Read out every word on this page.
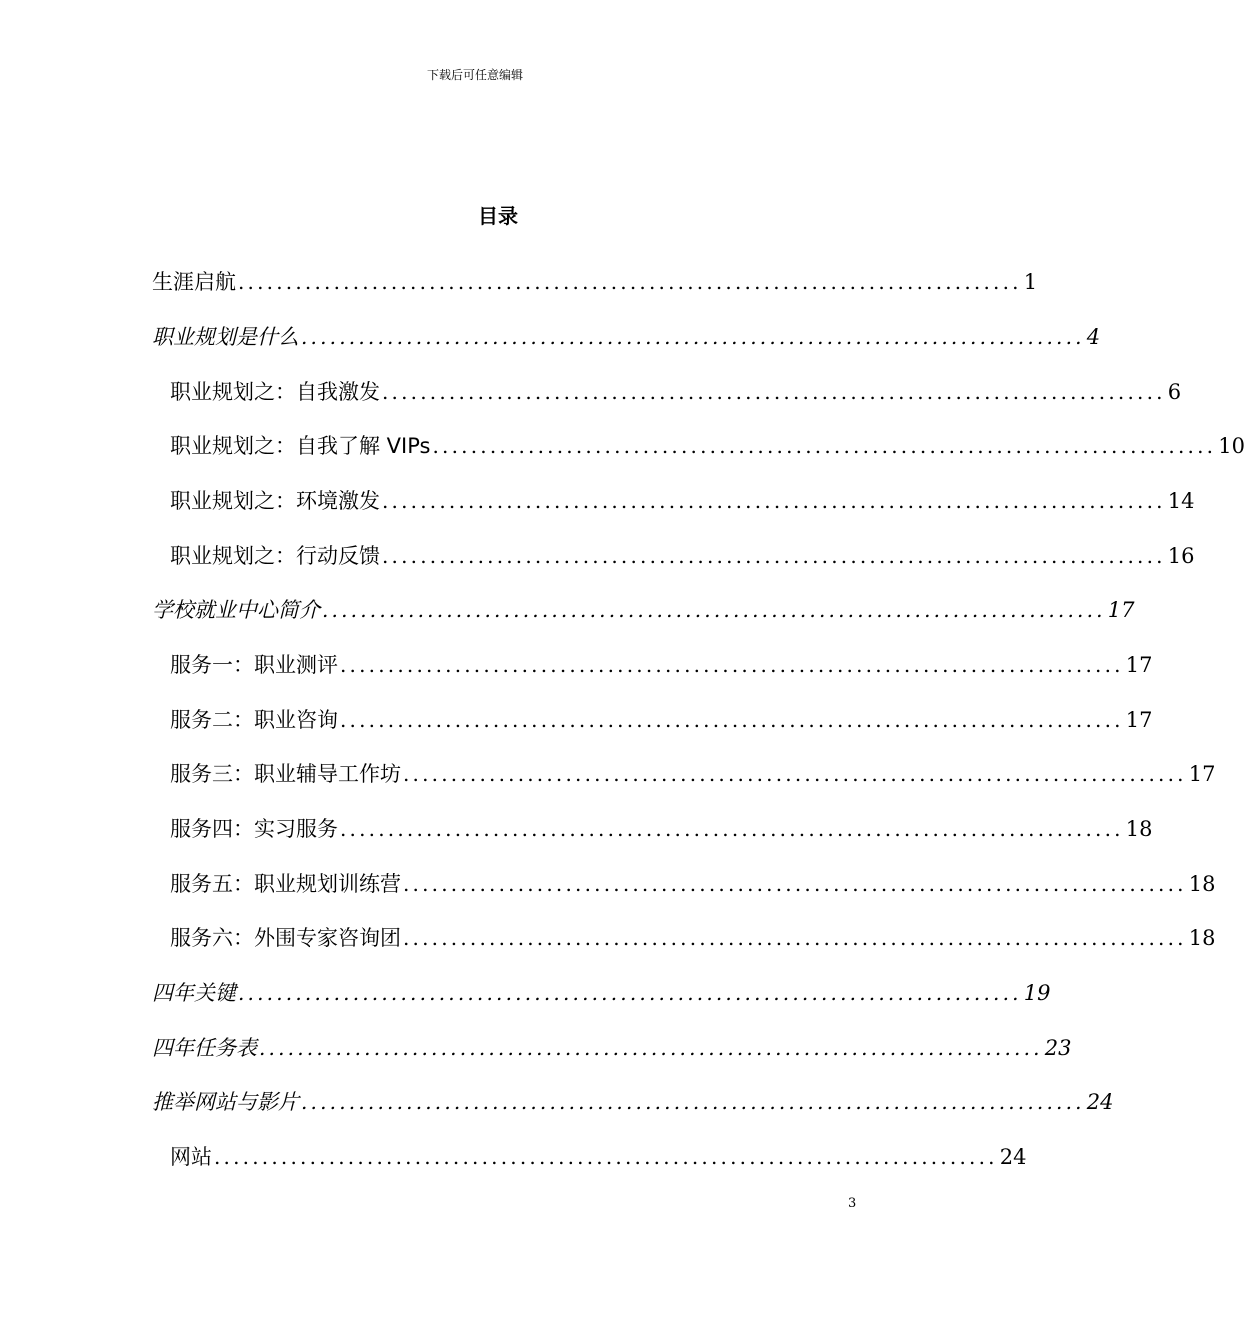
下载后可任意编辑
目录
生涯启航 .................................................................................. 1
职业规划是什么 .................................................................................. 4
职业规划之：自我激发 .................................................................................. 6
职业规划之：自我了解 VIPs .................................................................................. 10
职业规划之：环境激发 .................................................................................. 14
职业规划之：行动反馈 .................................................................................. 16
学校就业中心简介 .................................................................................. 17
服务一：职业测评 .................................................................................. 17
服务二：职业咨询 .................................................................................. 17
服务三：职业辅导工作坊 .................................................................................. 17
服务四：实习服务 .................................................................................. 18
服务五：职业规划训练营 .................................................................................. 18
服务六：外围专家咨询团 .................................................................................. 18
四年关键 .................................................................................. 19
四年任务表 .................................................................................. 23
推举网站与影片 .................................................................................. 24
网站 .................................................................................. 24
3
